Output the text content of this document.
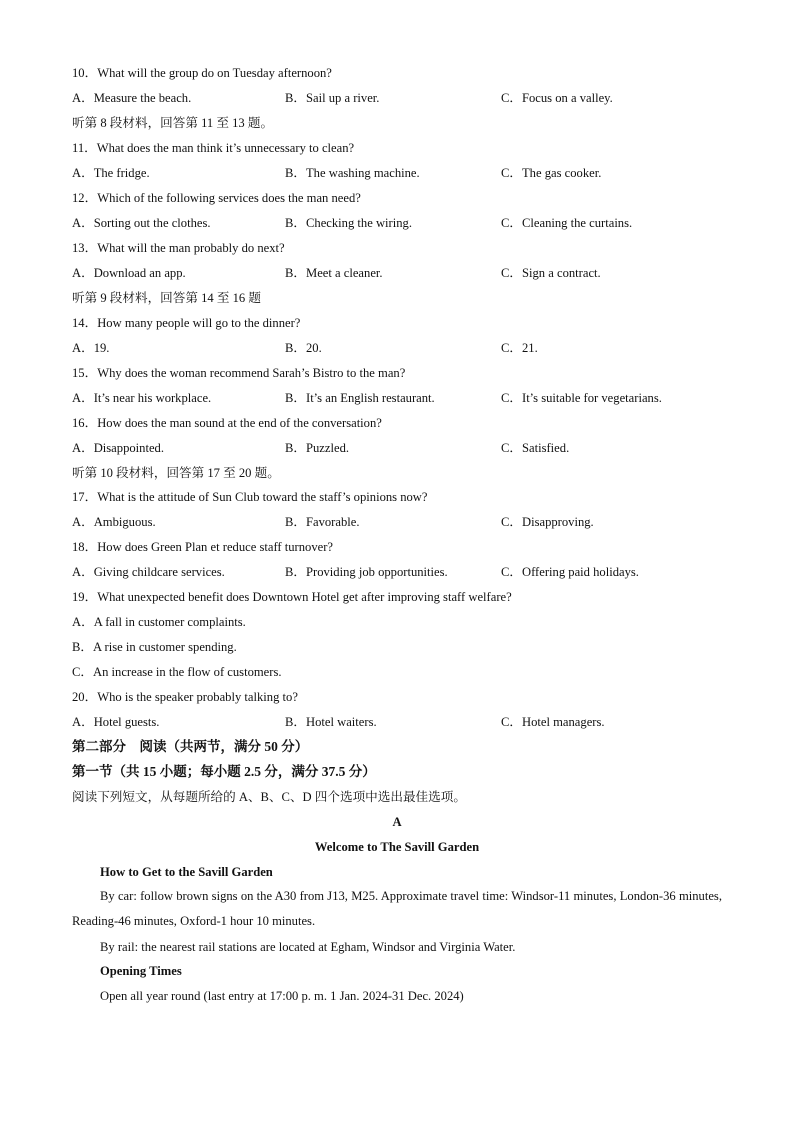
10．What will the group do on Tuesday afternoon?
A．Measure the beach.	B．Sail up a river.	C．Focus on a valley.
听第 8 段材料，回答第 11 至 13 题。
11．What does the man think it’s unnecessary to clean?
A．The fridge.	B．The washing machine.	C．The gas cooker.
12．Which of the following services does the man need?
A．Sorting out the clothes.	B．Checking the wiring.	C．Cleaning the curtains.
13．What will the man probably do next?
A．Download an app.	B．Meet a cleaner.	C．Sign a contract.
听第 9 段材料，回答第 14 至 16 题
14．How many people will go to the dinner?
A．19.	B．20.	C．21.
15．Why does the woman recommend Sarah’s Bistro to the man?
A．It’s near his workplace.	B．It’s an English restaurant.	C．It’s suitable for vegetarians.
16．How does the man sound at the end of the conversation?
A．Disappointed.	B．Puzzled.	C．Satisfied.
听第 10 段材料，回答第 17 至 20 题。
17．What is the attitude of Sun Club toward the staff’s opinions now?
A．Ambiguous.	B．Favorable.	C．Disapproving.
18．How does Green Plan et reduce staff turnover?
A．Giving childcare services.	B．Providing job opportunities.	C．Offering paid holidays.
19．What unexpected benefit does Downtown Hotel get after improving staff welfare?
A．A fall in customer complaints.
B．A rise in customer spending.
C．An increase in the flow of customers.
20．Who is the speaker probably talking to?
A．Hotel guests.	B．Hotel waiters.	C．Hotel managers.
第二部分　阅读（共两节，满分 50 分）
第一节（共 15 小题；每小题 2.5 分，满分 37.5 分）
阅读下列短文，从每题所给的 A、B、C、D 四个选项中选出最佳选项。
A
Welcome to The Savill Garden
How to Get to the Savill Garden
By car: follow brown signs on the A30 from J13, M25. Approximate travel time: Windsor-11 minutes, London-36 minutes, Reading-46 minutes, Oxford-1 hour 10 minutes.
By rail: the nearest rail stations are located at Egham, Windsor and Virginia Water.
Opening Times
Open all year round (last entry at 17:00 p. m. 1 Jan. 2024-31 Dec. 2024)
